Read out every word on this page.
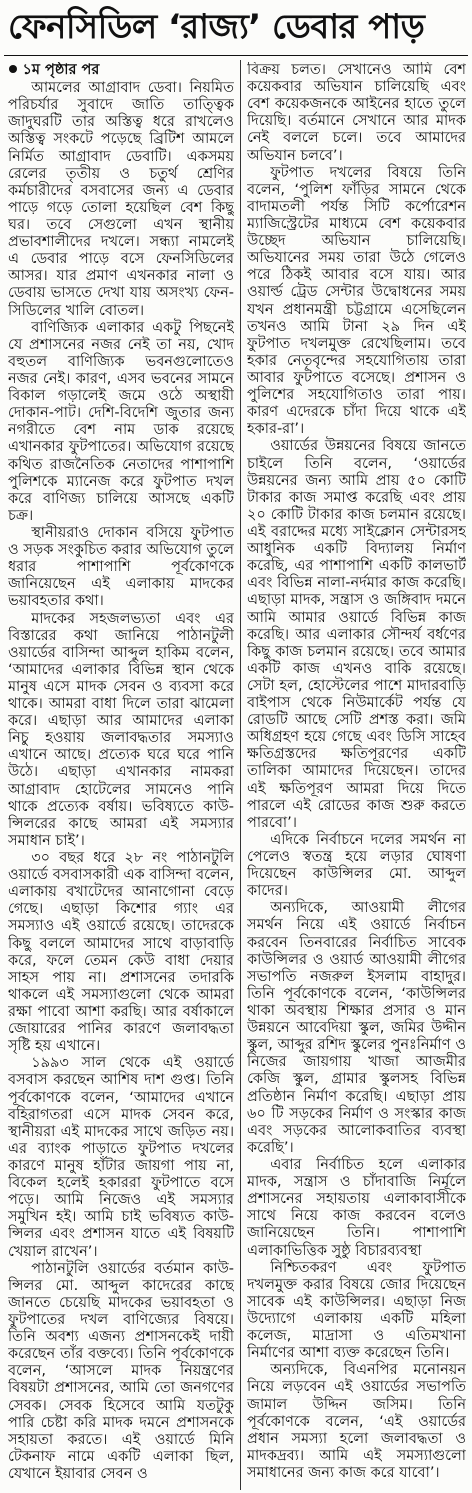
ফেনসিডিল ‘রাজ্য’ ডেবার পাড়
১ম পৃষ্ঠার পর

আমলের আগ্রাবাদ ডেবা। নিয়মিত পরিচর্যার সুবাদে জাতি তাত্ত্বিক জাদুঘরটি তার অস্তিত্ব ধরে রাখলেও অস্তিত্ব সংকটে পড়েছে ব্রিটিশ আমলে নির্মিত আগ্রাবাদ ডেবাটি। একসময় রেলের তৃতীয় ও চতুর্থ শ্রেণির কর্মচারীদের বসবাসের জন্য এ ডেবার পাড়ে গড়ে তোলা হয়েছিল বেশ কিছু ঘর। তবে সেগুলো এখন স্থানীয় প্রভাবশালীদের দখলে। সন্ধ্যা নামলেই এ ডেবার পাড়ে বসে ফেনসিডিলের আসর। যার প্রমাণ এখনকার নালা ও ডেবায় ভাসতে দেখা যায় অসংখ্য ফেন-সিডিলের খালি বোতল।

বাণিজ্যিক এলাকার একটু পিছনেই যে প্রশাসনের নজর নেই তা নয়, খোদ বহুতল বাণিজ্যিক ভবনগুলোতেও নজর নেই। কারণ, এসব ভবনের সামনে বিকাল গড়ালেই জমে ওঠে অস্থায়ী দোকান-পাট। দেশি-বিদেশি জুতার জন্য নগরীতে বেশ নাম ডাক রয়েছে এখানকার ফুটপাতের। অভিযোগ রয়েছে কথিত রাজনৈতিক নেতাদের পাশাপাশি পুলিশকে ম্যানেজ করে ফুটপাত দখল করে বাণিজ্য চালিয়ে আসছে একটি চক্র।

স্থানীয়রাও দোকান বসিয়ে ফুটপাত ও সড়ক সংকুচিত করার অভিযোগ তুলে ধরার পাশাপাশি পূর্বকোণকে জানিয়েছেন এই এলাকায় মাদকের ভয়াবহতার কথা।

মাদকের সহজলভ্যতা এবং এর বিস্তারের কথা জানিয়ে পাঠানটুলী ওয়ার্ডের বাসিন্দা আব্দুল হাকিম বলেন, ‘আমাদের এলাকার বিভিন্ন স্থান থেকে মানুষ এসে মাদক সেবন ও ব্যবসা করে থাকে। আমরা বাধা দিলে তারা ঝামেলা করে। এছাড়া আর আমাদের এলাকা নিচু হওয়ায় জলাবদ্ধতার সমস্যাও এখানে আছে। প্রত্যেক ঘরে ঘরে পানি উঠে। এছাড়া এখানকার নামকরা আগ্রাবাদ হোটেলের সামনেও পানি থাকে প্রত্যেক বর্ষায়। ভবিষ্যতে কাউ-ন্সিলরের কাছে আমরা এই সমস্যার সমাধান চাই’।

৩০ বছর ধরে ২৮ নং পাঠানটুলি ওয়ার্ডে বসবাসকারী এক বাসিন্দা বলেন, এলাকায় বখাটেদের আনাগোনা বেড়ে গেছে। এছাড়া কিশোর গ্যাং এর সমস্যাও এই ওয়ার্ডে রয়েছে। তাদেরকে কিছু বললে আমাদের সাথে বাড়াবাড়ি করে, ফলে তেমন কেউ বাধা দেয়ার সাহস পায় না। প্রশাসনের তদারকি থাকলে এই সমস্যাগুলো থেকে আমরা রক্ষা পাবো আশা করছি। আর বর্ষাকালে জোয়ারের পানির কারণে জলাবদ্ধতা সৃষ্টি হয় এখানে।

১৯৯৩ সাল থেকে এই ওয়ার্ডে বসবাস করছেন আশিষ দাশ গুপ্ত। তিনি পূর্বকোণকে বলেন, ‘আমাদের এখানে বহিরাগতরা এসে মাদক সেবন করে, স্থানীয়রা এই মাদকের সাথে জড়িত নয়। এর ব্যাংক পাড়াতে ফুটপাত দখলের কারণে মানুষ হাঁটার জায়গা পায় না, বিকেল হলেই হকাররা ফুটপাতে বসে পড়ে। আমি নিজেও এই সমস্যার সমুখিন হই। আমি চাই ভবিষ্যত কাউ-ন্সিলর এবং প্রশাসন যাতে এই বিষয়টি খেয়াল রাখেন’।

পাঠানটুলি ওয়ার্ডের বর্তমান কাউ-ন্সিলর মো. আব্দুল কাদেরের কাছে জানতে চেয়েছি মাদকের ভয়াবহতা ও ফুটপাতের দখল বাণিজ্যের বিষয়ে। তিনি অবশ্য এজন্য প্রশাসনকেই দায়ী করেছেন তাঁর বক্তব্যে। তিনি পূর্বকোণকে বলেন, ‘আসলে মাদক নিয়ন্ত্রণের বিষয়টা প্রশাসনের, আমি তো জনগণের সেবক। সেবক হিসেবে আমি যতটুকু পারি চেষ্টা করি মাদক দমনে প্রশাসনকে সহায়তা করতে। এই ওয়ার্ডে মিনি টেকনাফ নামে একটি এলাকা ছিল, যেখানে ইয়াবার সেবন ও

বিক্রয় চলত। সেখানেও আমি বেশ কয়েকবার অভিযান চালিয়েছি এবং বেশ কয়েকজনকে আইনের হাতে তুলে দিয়েছি। বর্তমানে সেখানে আর মাদক নেই বললে চলে। তবে আমাদের অভিযান চলবে’।

ফুটপাত দখলের বিষয়ে তিনি বলেন, ‘পুলিশ ফাঁড়ির সামনে থেকে বাদামতলী পর্যন্ত সিটি কর্পোরেশন ম্যাজিস্ট্রেটের মাধ্যমে বেশ কয়েকবার উচ্ছেদ অভিযান চালিয়েছি। অভিযানের সময় তারা উঠে গেলেও পরে ঠিকই আবার বসে যায়। আর ওয়ার্ল্ড ট্রেড সেন্টার উদ্বোধনের সময় যখন প্রধানমন্ত্রী চট্টগ্রামে এসেছিলেন তখনও আমি টানা ২৯ দিন এই ফুটপাত দখলমুক্ত রেখেছিলাম। তবে হকার নেতৃবৃন্দের সহযোগিতায় তারা আবার ফুটপাতে বসেছে। প্রশাসন ও পুলিশের সহযোগিতাও তারা পায়। কারণ এদেরকে চাঁদা দিয়ে থাকে এই হকার-রা’।

ওয়ার্ডের উন্নয়নের বিষয়ে জানতে চাইলে তিনি বলেন, ‘ওয়ার্ডের উন্নয়নের জন্য আমি প্রায় ৫০ কোটি টাকার কাজ সমাপ্ত করেছি এবং প্রায় ২০ কোটি টাকার কাজ চলমান রয়েছে। এই বরাদ্দের মধ্যে সাইক্লোন সেন্টারসহ আধুনিক একটি বিদ্যালয় নির্মাণ করেছি, এর পাশাপাশি একটি কালভার্ট এবং বিভিন্ন নালা-নর্দমার কাজ করেছি। এছাড়া মাদক, সন্ত্রাস ও জঙ্গিবাদ দমনে আমি আমার ওয়ার্ডে বিভিন্ন কাজ করেছি। আর এলাকার সৌন্দর্য বর্ধণের কিছু কাজ চলমান রয়েছে। তবে আমার একটি কাজ এখনও বাকি রয়েছে। সেটা হল, হোস্টেলের পাশে মাদারবাড়ি বাইপাস থেকে নিউমার্কেট পর্যন্ত যে রোডটি আছে সেটি প্রশস্ত করা। জমি অধিগ্রহণ হয়ে গেছে এবং ডিসি সাহেব ক্ষতিগ্রস্তদের ক্ষতিপূরণের একটি তালিকা আমাদের দিয়েছেন। তাদের এই ক্ষতিপূরণ আমরা দিয়ে দিতে পারলে এই রোডের কাজ শুরু করতে পারবো’।

এদিকে নির্বাচনে দলের সমর্থন না পেলেও স্বতন্ত্র হয়ে লড়ার ঘোষণা দিয়েছেন কাউন্সিলর মো. আব্দুল কাদের।

অন্যদিকে, আওয়ামী লীগের সমর্থন নিয়ে এই ওয়ার্ডে নির্বাচন করবেন তিনবারের নির্বাচিত সাবেক কাউন্সিলর ও ওয়ার্ড আওয়ামী লীগের সভাপতি নজরুল ইসলাম বাহাদুর। তিনি পূর্বকোণকে বলেন, ‘কাউন্সিলর থাকা অবস্থায় শিক্ষার প্রসার ও মান উন্নয়নে আবেদিয়া স্কুল, জমির উদ্দীন স্কুল, আব্দুর রশিদ স্কুলের পুনঃনির্মাণ ও নিজের জায়গায় খাজা আজমীর কেজি স্কুল, গ্রামার স্কুলসহ বিভিন্ন প্রতিষ্ঠান নির্মাণ করেছি। এছাড়া প্রায় ৬০ টি সড়কের নির্মাণ ও সংস্কার কাজ এবং সড়কের আলোকবাতির ব্যবস্থা করেছি’।

এবার নির্বাচিত হলে এলাকার মাদক, সন্ত্রাস ও চাঁদাবাজি নির্মূলে প্রশাসনের সহায়তায় এলাকাবাসীকে সাথে নিয়ে কাজ করবেন বলেও জানিয়েছেন তিনি। পাশাপাশি এলাকাভিত্তিক সুষ্ঠু বিচারব্যবস্থা

নিশ্চিতকরণ এবং ফুটপাত দখলমুক্ত করার বিষয়ে জোর দিয়েছেন সাবেক এই কাউন্সিলর। এছাড়া নিজ উদ্যোগে এলাকায় একটি মহিলা কলেজ, মাদ্রাসা ও এতিমখানা নির্মাণের আশা ব্যক্ত করেছেন তিনি।

অন্যদিকে, বিএনপির মনোনয়ন নিয়ে লড়বেন এই ওয়ার্ডের সভাপতি জামাল উদ্দিন জসিম। তিনি পূর্বকোণকে বলেন, ‘এই ওয়ার্ডের প্রধান সমস্যা হলো জলাবদ্ধতা ও মাদকদ্রব্য। আমি এই সমস্যাগুলো সমাধানের জন্য কাজ করে যাবো’।
